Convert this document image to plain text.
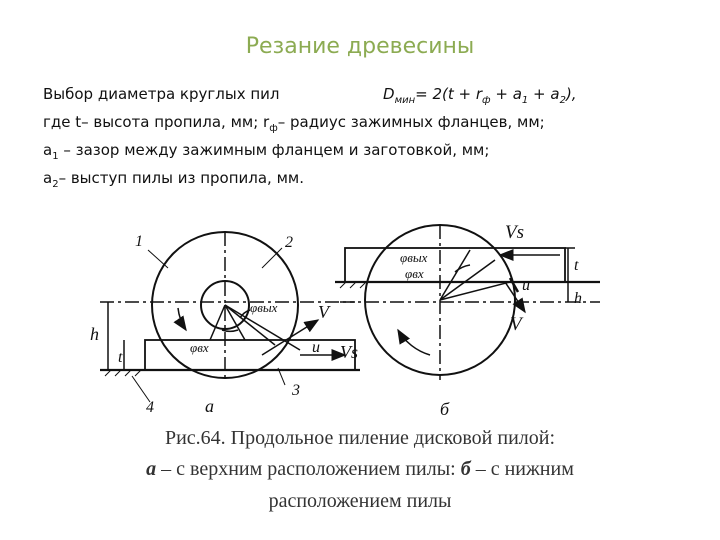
Резание древесины
Выбор диаметра круглых пил	$D_{мин}= 2(t + r_ф + a_1 + a_2)$,
где t– высота пропила, мм; $r_ф-$ радиус зажимных фланцев, мм;
$a_1$ – зазор между зажимным фланцем и заготовкой, мм;
$a_2-$ выступ пилы из пропила, мм.
1	2
3
4
h
t
φвых
φвх
V
u Vs
а
Vs
φвых
φвх	t
u
h
V
б
Рис.64. Продольное пиление дисковой пилой:
а – с верхним расположением пилы: б – с нижним
расположением пилы
